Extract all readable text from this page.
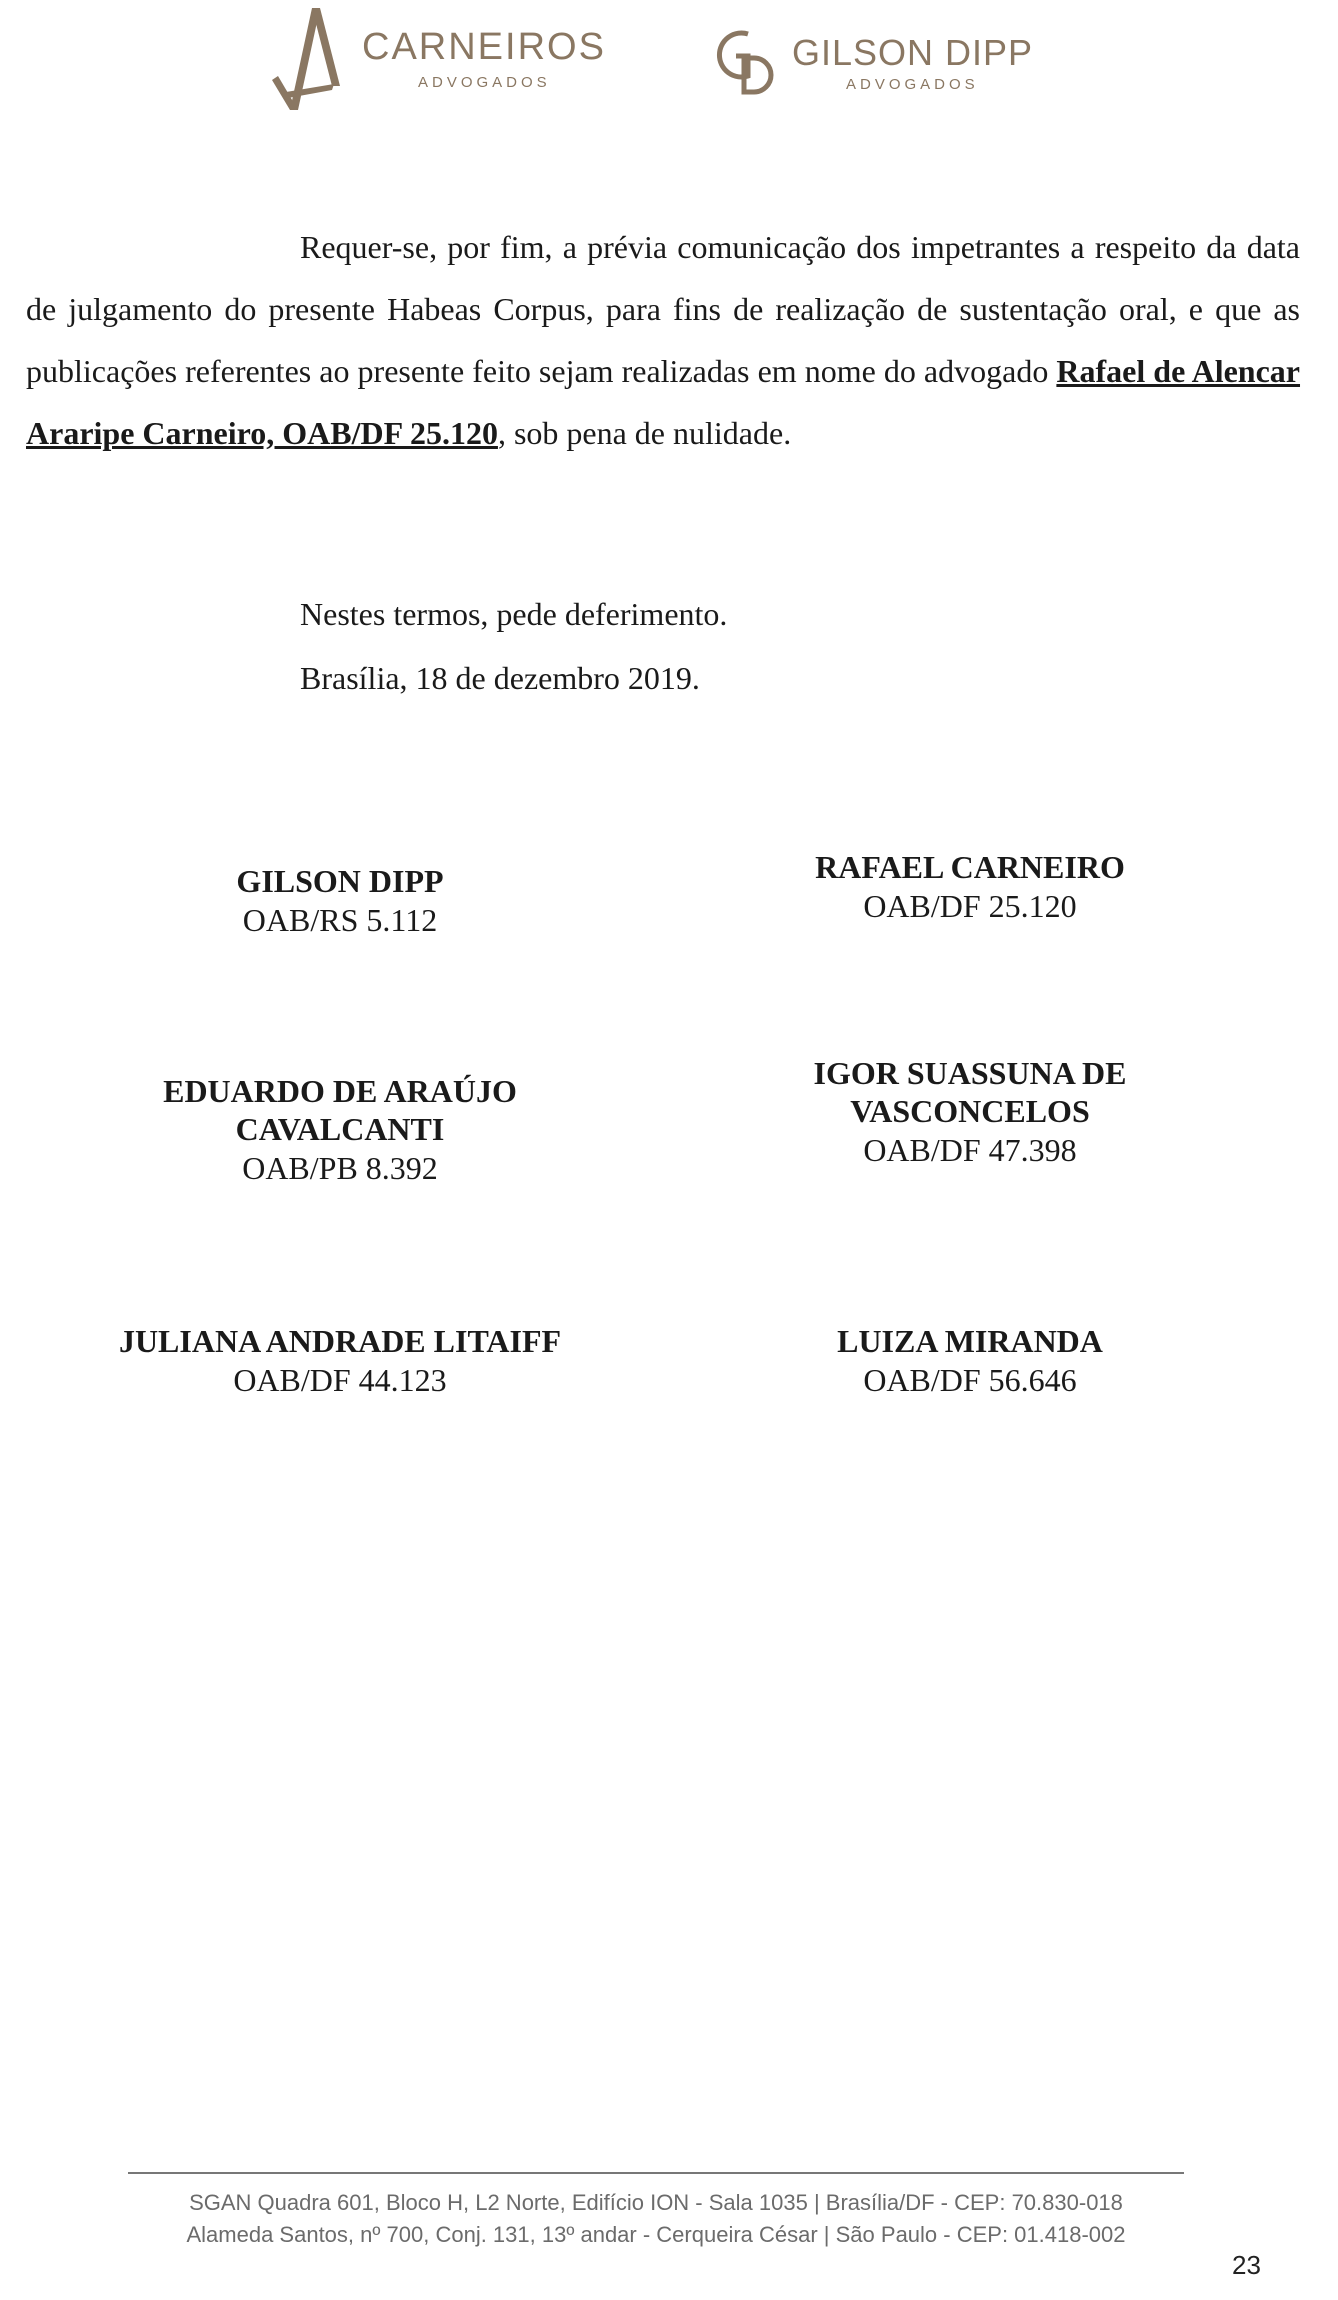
CARNEIROS
ADVOGADOS
GILSON DIPP
ADVOGADOS

Requer-se, por fim, a prévia comunicação dos impetrantes a respeito da data de julgamento do presente Habeas Corpus, para fins de realização de sustentação oral, e que as publicações referentes ao presente feito sejam realizadas em nome do advogado Rafael de Alencar Araripe Carneiro, OAB/DF 25.120, sob pena de nulidade.

Nestes termos, pede deferimento.
Brasília, 18 de dezembro 2019.
GILSON DIPP
OAB/RS 5.112
RAFAEL CARNEIRO
OAB/DF 25.120
EDUARDO DE ARAÚJO CAVALCANTI
OAB/PB 8.392
IGOR SUASSUNA DE VASCONCELOS
OAB/DF 47.398
JULIANA ANDRADE LITAIFF
OAB/DF 44.123
LUIZA MIRANDA
OAB/DF 56.646
SGAN Quadra 601, Bloco H, L2 Norte, Edifício ION - Sala 1035 | Brasília/DF - CEP: 70.830-018
Alameda Santos, nº 700, Conj. 131, 13º andar - Cerqueira César | São Paulo - CEP: 01.418-002
23
